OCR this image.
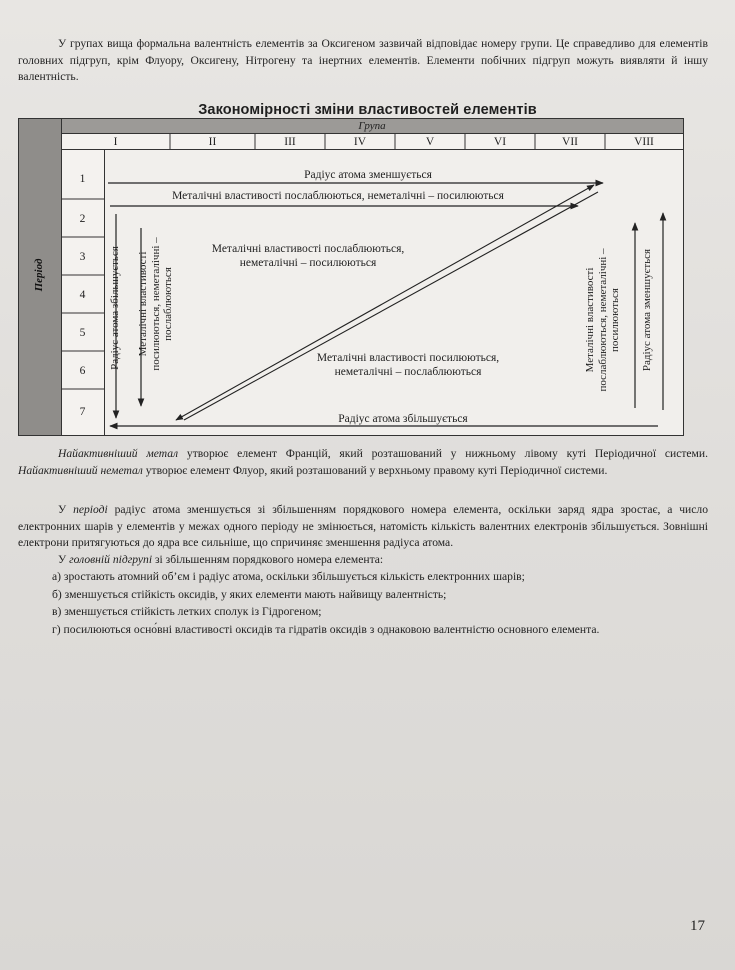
У групах вища формальна валентність елементів за Оксигеном зазвичай відповідає номеру групи. Це справедливо для елементів головних підгруп, крім Флуору, Оксигену, Нітрогену та інертних елементів. Елементи побічних підгруп можуть виявляти й іншу валентність.
Закономірності зміни властивостей елементів
Група
Період
I	II	III	IV	V	VI	VII	VIII
1
2
3
4
5
6
7
Радіус атома зменшується
Металічні властивості послаблюються, неметалічні – посилюються
Радіус атома збільшується Металічні властивості
посилюються, неметалічні –
послаблюються
Металічні властивості послаблюються,
неметалічні – посилюються
Металічні властивості посилюються,
неметалічні – послаблюються	Металічні властивості
послаблюються, неметалічні –
посилюються Радіус атома зменшується
Радіус атома збільшується
Найактивніший метал утворює елемент Францій, який розташований у нижньому лівому куті Періодичної системи. Найактивніший неметал утворює елемент Флуор, який розташований у верхньому правому куті Періодичної системи.
У періоді радіус атома зменшується зі збільшенням порядкового номера елемента, оскільки заряд ядра зростає, а число електронних шарів у елементів у межах одного періоду не змінюється, натомість кількість валентних електронів збільшується. Зовнішні електрони притягуються до ядра все сильніше, що спричиняє зменшення радіуса атома.
У головній підгрупі зі збільшенням порядкового номера елемента:
а) зростають атомний об’єм і радіус атома, оскільки збільшується кількість електронних шарів;
б) зменшується стійкість оксидів, у яких елементи мають найвищу валентність;
в) зменшується стійкість летких сполук із Гідрогеном;
г) посилюються осно́вні властивості оксидів та гідратів оксидів з однаковою валентністю основного елемента.
17
